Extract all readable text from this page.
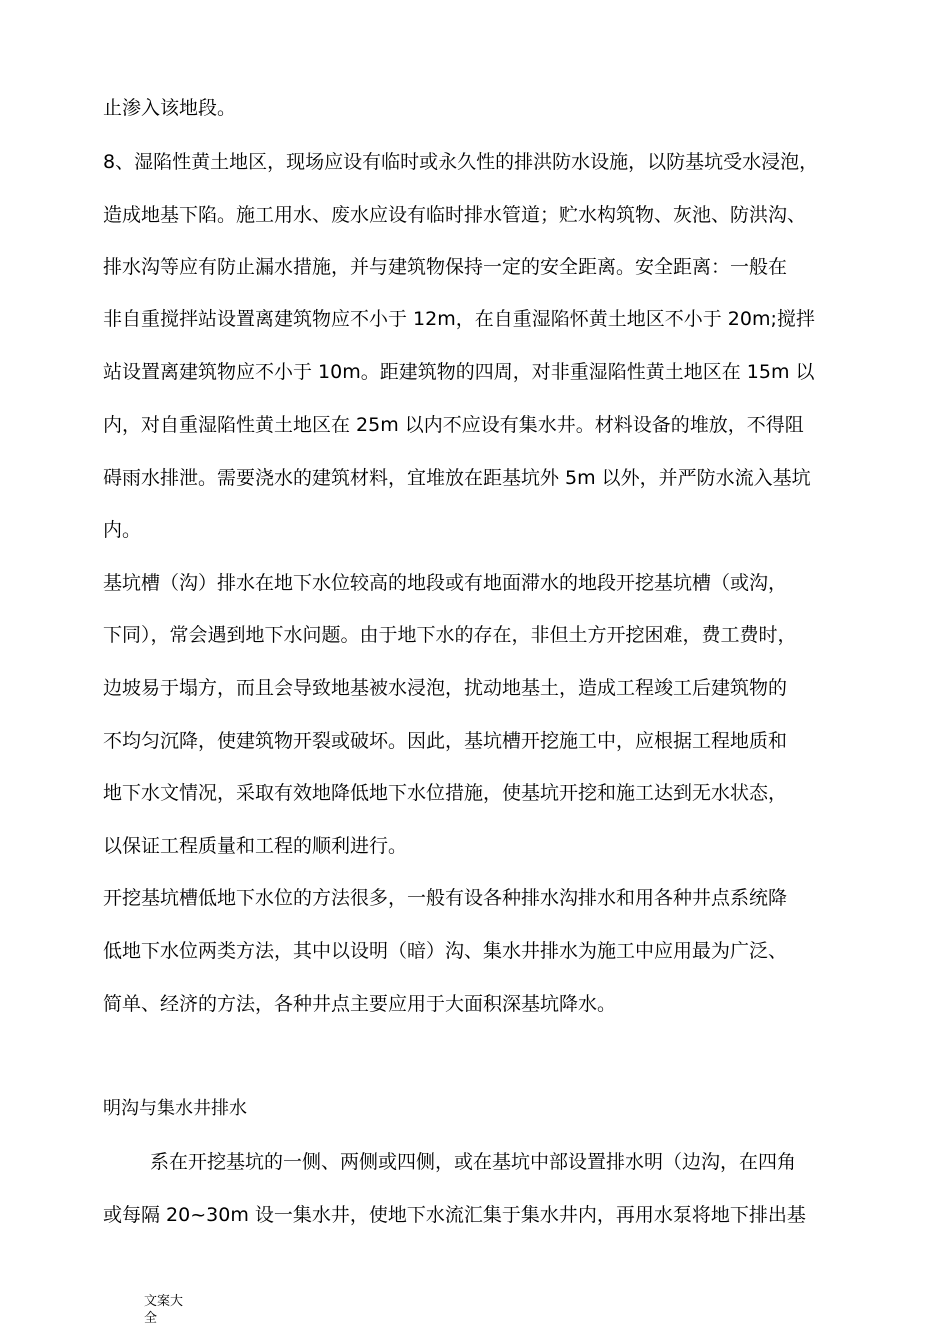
止渗入该地段。
8、湿陷性黄土地区，现场应设有临时或永久性的排洪防水设施，以防基坑受水浸泡，
造成地基下陷。施工用水、废水应设有临时排水管道；贮水构筑物、灰池、防洪沟、
排水沟等应有防止漏水措施，并与建筑物保持一定的安全距离。安全距离：一般在
非自重搅拌站设置离建筑物应不小于 12m，在自重湿陷怀黄土地区不小于 20m;搅拌
站设置离建筑物应不小于 10m。距建筑物的四周，对非重湿陷性黄土地区在 15m 以
内，对自重湿陷性黄土地区在 25m 以内不应设有集水井。材料设备的堆放，不得阻
碍雨水排泄。需要浇水的建筑材料，宜堆放在距基坑外 5m 以外，并严防水流入基坑
内。
基坑槽（沟）排水在地下水位较高的地段或有地面滞水的地段开挖基坑槽（或沟，
下同），常会遇到地下水问题。由于地下水的存在，非但土方开挖困难，费工费时，
边坡易于塌方，而且会导致地基被水浸泡，扰动地基土，造成工程竣工后建筑物的
不均匀沉降，使建筑物开裂或破坏。因此，基坑槽开挖施工中，应根据工程地质和
地下水文情况，采取有效地降低地下水位措施，使基坑开挖和施工达到无水状态，
以保证工程质量和工程的顺利进行。
开挖基坑槽低地下水位的方法很多，一般有设各种排水沟排水和用各种井点系统降
低地下水位两类方法，其中以设明（暗）沟、集水井排水为施工中应用最为广泛、
简单、经济的方法，各种井点主要应用于大面积深基坑降水。
明沟与集水井排水
系在开挖基坑的一侧、两侧或四侧，或在基坑中部设置排水明（边沟，在四角
或每隔 20~30m 设一集水井，使地下水流汇集于集水井内，再用水泵将地下排出基
文案大全
